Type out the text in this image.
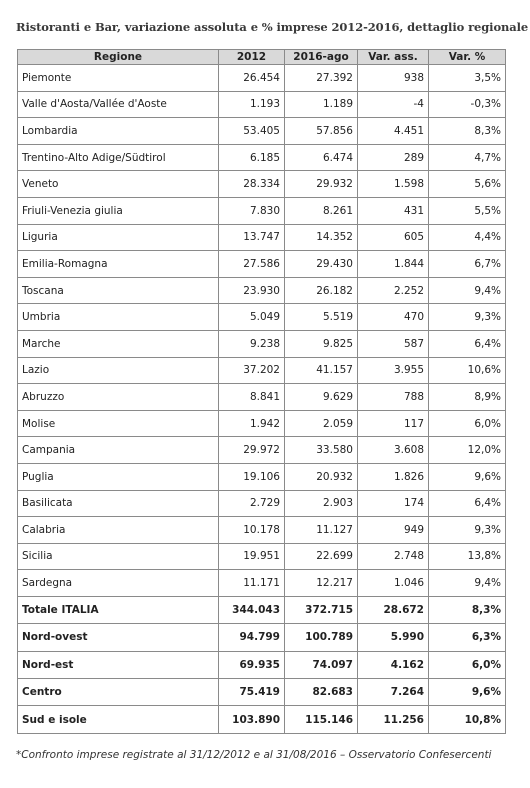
Ristoranti e Bar, variazione assoluta e % imprese 2012-2016, dettaglio regionale
Regione	2012	2016-ago	Var. ass.	Var. %
Piemonte	26.454	27.392	938	3,5%
Valle d'Aosta/Vallée d'Aoste	1.193	1.189	-4	-0,3%
Lombardia	53.405	57.856	4.451	8,3%
Trentino-Alto Adige/Südtirol	6.185	6.474	289	4,7%
Veneto	28.334	29.932	1.598	5,6%
Friuli-Venezia giulia	7.830	8.261	431	5,5%
Liguria	13.747	14.352	605	4,4%
Emilia-Romagna	27.586	29.430	1.844	6,7%
Toscana	23.930	26.182	2.252	9,4%
Umbria	5.049	5.519	470	9,3%
Marche	9.238	9.825	587	6,4%
Lazio	37.202	41.157	3.955	10,6%
Abruzzo	8.841	9.629	788	8,9%
Molise	1.942	2.059	117	6,0%
Campania	29.972	33.580	3.608	12,0%
Puglia	19.106	20.932	1.826	9,6%
Basilicata	2.729	2.903	174	6,4%
Calabria	10.178	11.127	949	9,3%
Sicilia	19.951	22.699	2.748	13,8%
Sardegna	11.171	12.217	1.046	9,4%
Totale ITALIA	344.043	372.715	28.672	8,3%
Nord-ovest	94.799	100.789	5.990	6,3%
Nord-est	69.935	74.097	4.162	6,0%
Centro	75.419	82.683	7.264	9,6%
Sud e isole	103.890	115.146	11.256	10,8%
*Confronto imprese registrate al 31/12/2012 e al 31/08/2016 – Osservatorio Confesercenti
